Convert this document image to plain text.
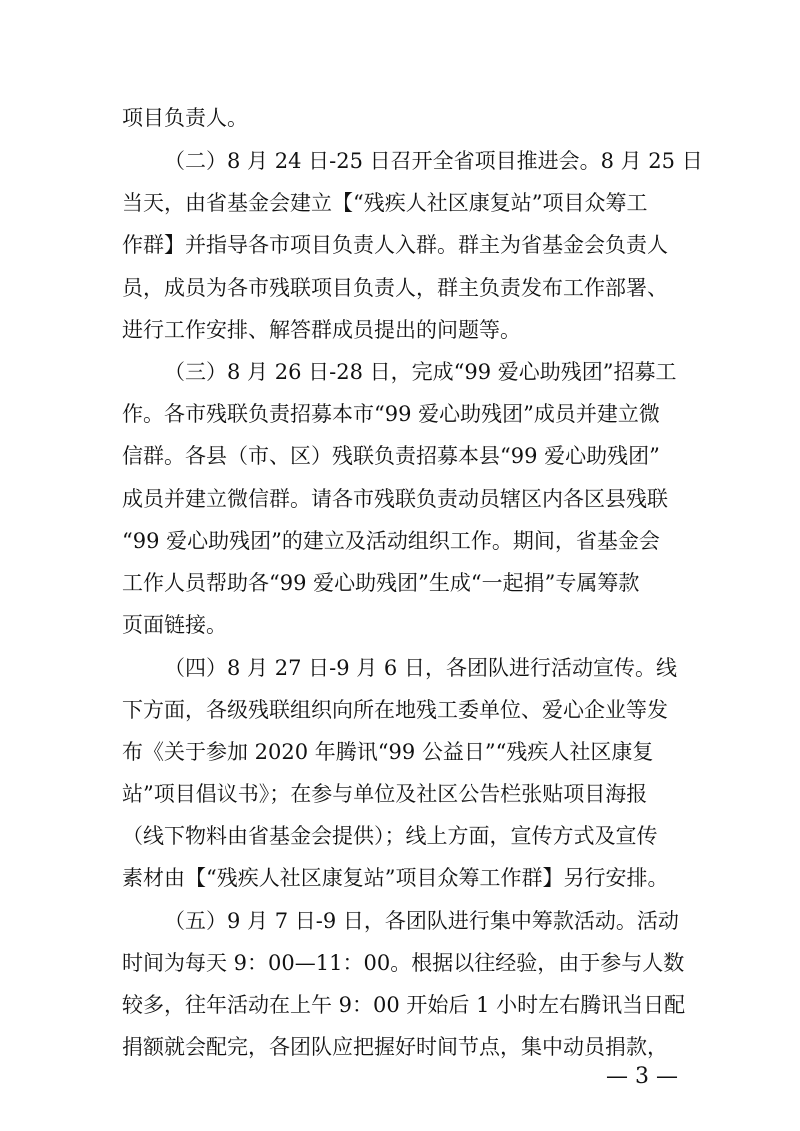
项目负责人。
（二）8 月 24 日-25 日召开全省项目推进会。8 月 25 日
当天，由省基金会建立【“残疾人社区康复站”项目众筹工
作群】并指导各市项目负责人入群。群主为省基金会负责人
员，成员为各市残联项目负责人，群主负责发布工作部署、
进行工作安排、解答群成员提出的问题等。
（三）8 月 26 日-28 日，完成“99 爱心助残团”招募工
作。各市残联负责招募本市“99 爱心助残团”成员并建立微
信群。各县（市、区）残联负责招募本县“99 爱心助残团”
成员并建立微信群。请各市残联负责动员辖区内各区县残联
“99 爱心助残团”的建立及活动组织工作。期间，省基金会
工作人员帮助各“99 爱心助残团”生成“一起捐”专属筹款
页面链接。
（四）8 月 27 日-9 月 6 日，各团队进行活动宣传。线
下方面，各级残联组织向所在地残工委单位、爱心企业等发
布《关于参加 2020 年腾讯“99 公益日”“残疾人社区康复
站”项目倡议书》；在参与单位及社区公告栏张贴项目海报
（线下物料由省基金会提供）；线上方面，宣传方式及宣传
素材由【“残疾人社区康复站”项目众筹工作群】另行安排。
（五）9 月 7 日-9 日，各团队进行集中筹款活动。活动
时间为每天 9：00—11：00。根据以往经验，由于参与人数
较多，往年活动在上午 9：00 开始后 1 小时左右腾讯当日配
捐额就会配完，各团队应把握好时间节点，集中动员捐款，
— 3 —
